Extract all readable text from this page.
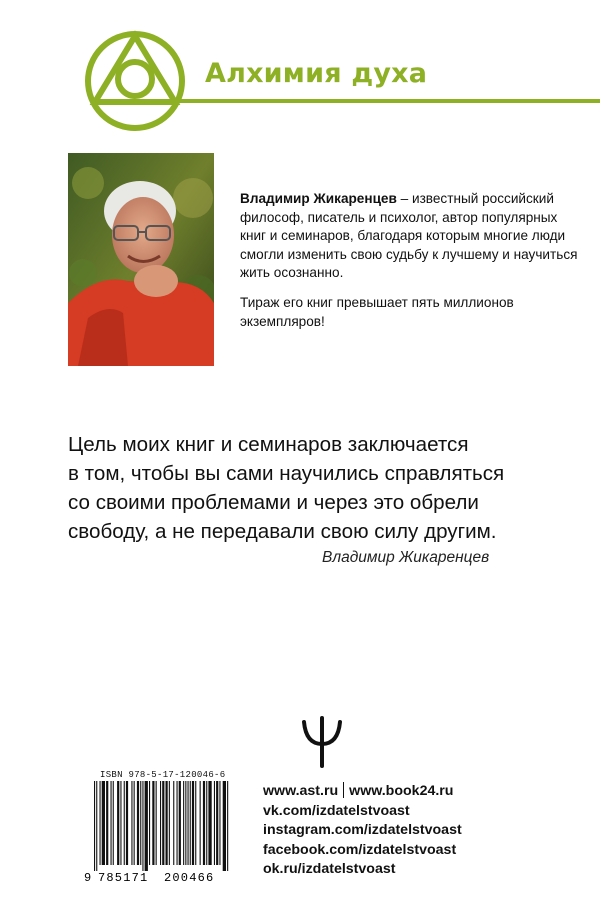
Алхимия духа

Владимир Жикаренцев – известный российский философ, писатель и психолог, автор популярных книг и семинаров, благодаря которым многие люди смогли изменить свою судьбу к лучшему и научиться жить осознанно.

Тираж его книг превышает пять миллионов экземпляров!

Цель моих книг и семинаров заключается
в том, чтобы вы сами научились справляться
со своими проблемами и через это обрели
свободу, а не передавали свою силу другим.
Владимир Жикаренцев
ISBN 978-5-17-120046-6
9 785171 200466
www.ast.ru www.book24.ru
vk.com/izdatelstvoast
instagram.com/izdatelstvoast
facebook.com/izdatelstvoast
ok.ru/izdatelstvoast
